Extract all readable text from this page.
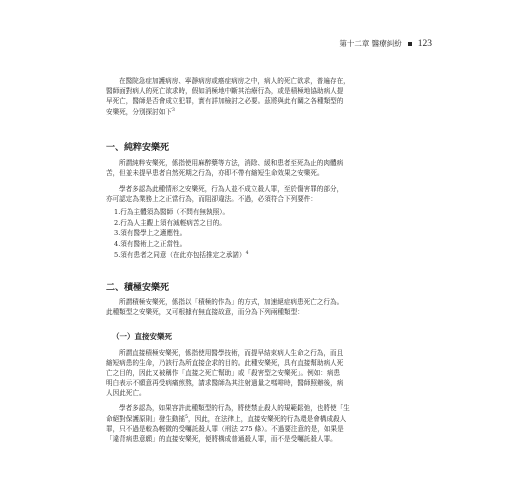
第十二章 醫療糾紛 123

在醫院急症加護病房、寧靜病房或癌症病房之中，病人的死亡欲求，普遍存在，

醫師面對病人的死亡欲求時，假如消極地中斷其治療行為，或是積極地協助病人提

早死亡，醫師是否會成立犯罪，實有詳加檢討之必要。茲將與此有關之各種類型的

安樂死，分別探討如下$^3$

一、純粹安樂死

所謂純粹安樂死，係指使用麻醉藥等方法，消除、緩和患者至死為止的肉體病

苦，但並未提早患者自然死期之行為，亦即不帶有縮短生命效果之安樂死。

學者多認為此種情形之安樂死，行為人並不成立殺人罪，至於傷害罪的部分，

亦可認定為業務上之正當行為，而阻卻違法。不過，必須符合下列要件：

1.行為主體須為醫師（不問有無執照）。
2.行為人主觀上須有減輕病苦之目的。
3.須有醫學上之適應性。
4.須有醫術上之正當性。
5.須有患者之同意（在此亦包括推定之承諾）$^4$
二、積極安樂死

所謂積極安樂死，係指以「積極的作為」的方式，加速絕症病患死亡之行為。

此種類型之安樂死，又可根據有無直接故意，而分為下列兩種類型：

（一）直接安樂死

所謂直接積極安樂死，係指使用醫學技術，而提早結束病人生命之行為，而且

縮短病患的生命，乃該行為所直接企求的目的。此種安樂死，具有直接幫助病人死

亡之目的，因此又被稱作「直接之死亡幫助」或「殺害型之安樂死」。例如：病患

明白表示不願意再受病痛煎熬，請求醫師為其注射過量之嗎啡時，醫師照辦後，病

人因此死亡。

學者多認為，如果容許此種類型的行為，將使禁止殺人的規範鬆弛，也將使「生

命絕對保護原則」發生動搖$^5$，因此，在法律上，直接安樂死的行為還是會構成殺人

罪，只不過是較為輕微的受囑託殺人罪（刑法 275 條）。不過要注意的是，如果是

「違背病患意願」的直接安樂死，便將構成普通殺人罪，而不是受囑託殺人罪。
